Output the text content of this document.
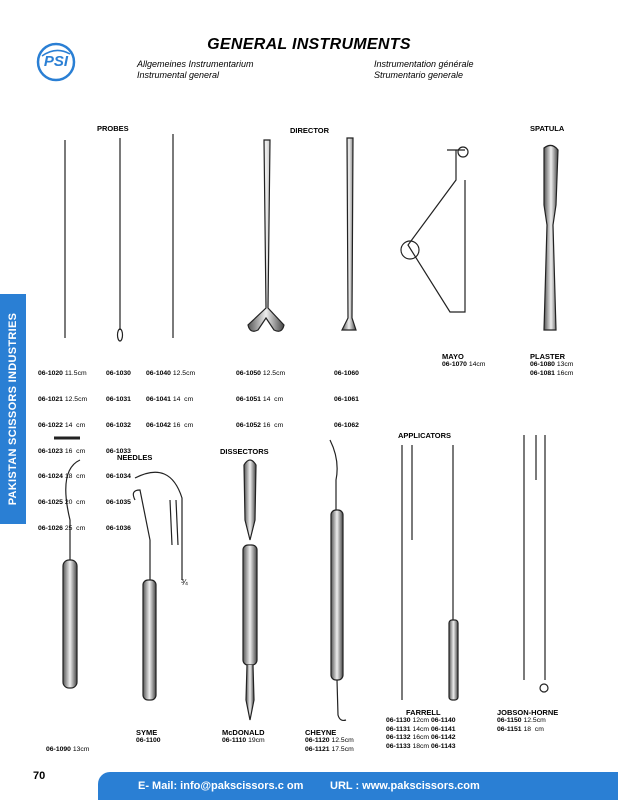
PSI
GENERAL INSTRUMENTS
Allgemeines Instrumentarium
Instrumental general
Instrumentation générale
Strumentario generale
PAKISTAN SCISSORS INDUSTRIES
PROBES	DIRECTOR	SPATULA
NEEDLES
DISSECTORS
APPLICATORS
¾

06-1020 11.5cm

06-1021 12.5cm

06-1022 14  cm

06-1023 16  cm

06-1024 18  cm

06-1025 20  cm

06-1026 25  cm

06-1030

06-1031

06-1032

06-1033

06-1034

06-1035

06-1036

06-1040 12.5cm

06-1041 14  cm

06-1042 16  cm

06-1050 12.5cm

06-1051 14  cm

06-1052 16  cm

06-1060

06-1061

06-1062

MAYO
06-1070 14cm
PLASTER
06-1080 13cm
06-1081 16cm

06-1090 13cm

SYME
06-1100
McDONALD
06-1110 19cm
CHEYNE
06-1120 12.5cm
06-1121 17.5cm
FARRELL
06-1130 12cm 06-1140
06-1131 14cm 06-1141
06-1132 16cm 06-1142
06-1133 18cm 06-1143
JOBSON-HORNE
06-1150 12.5cm
06-1151 18  cm
70
E- Mail: info@pakscissors.c om URL : www.pakscissors.com
